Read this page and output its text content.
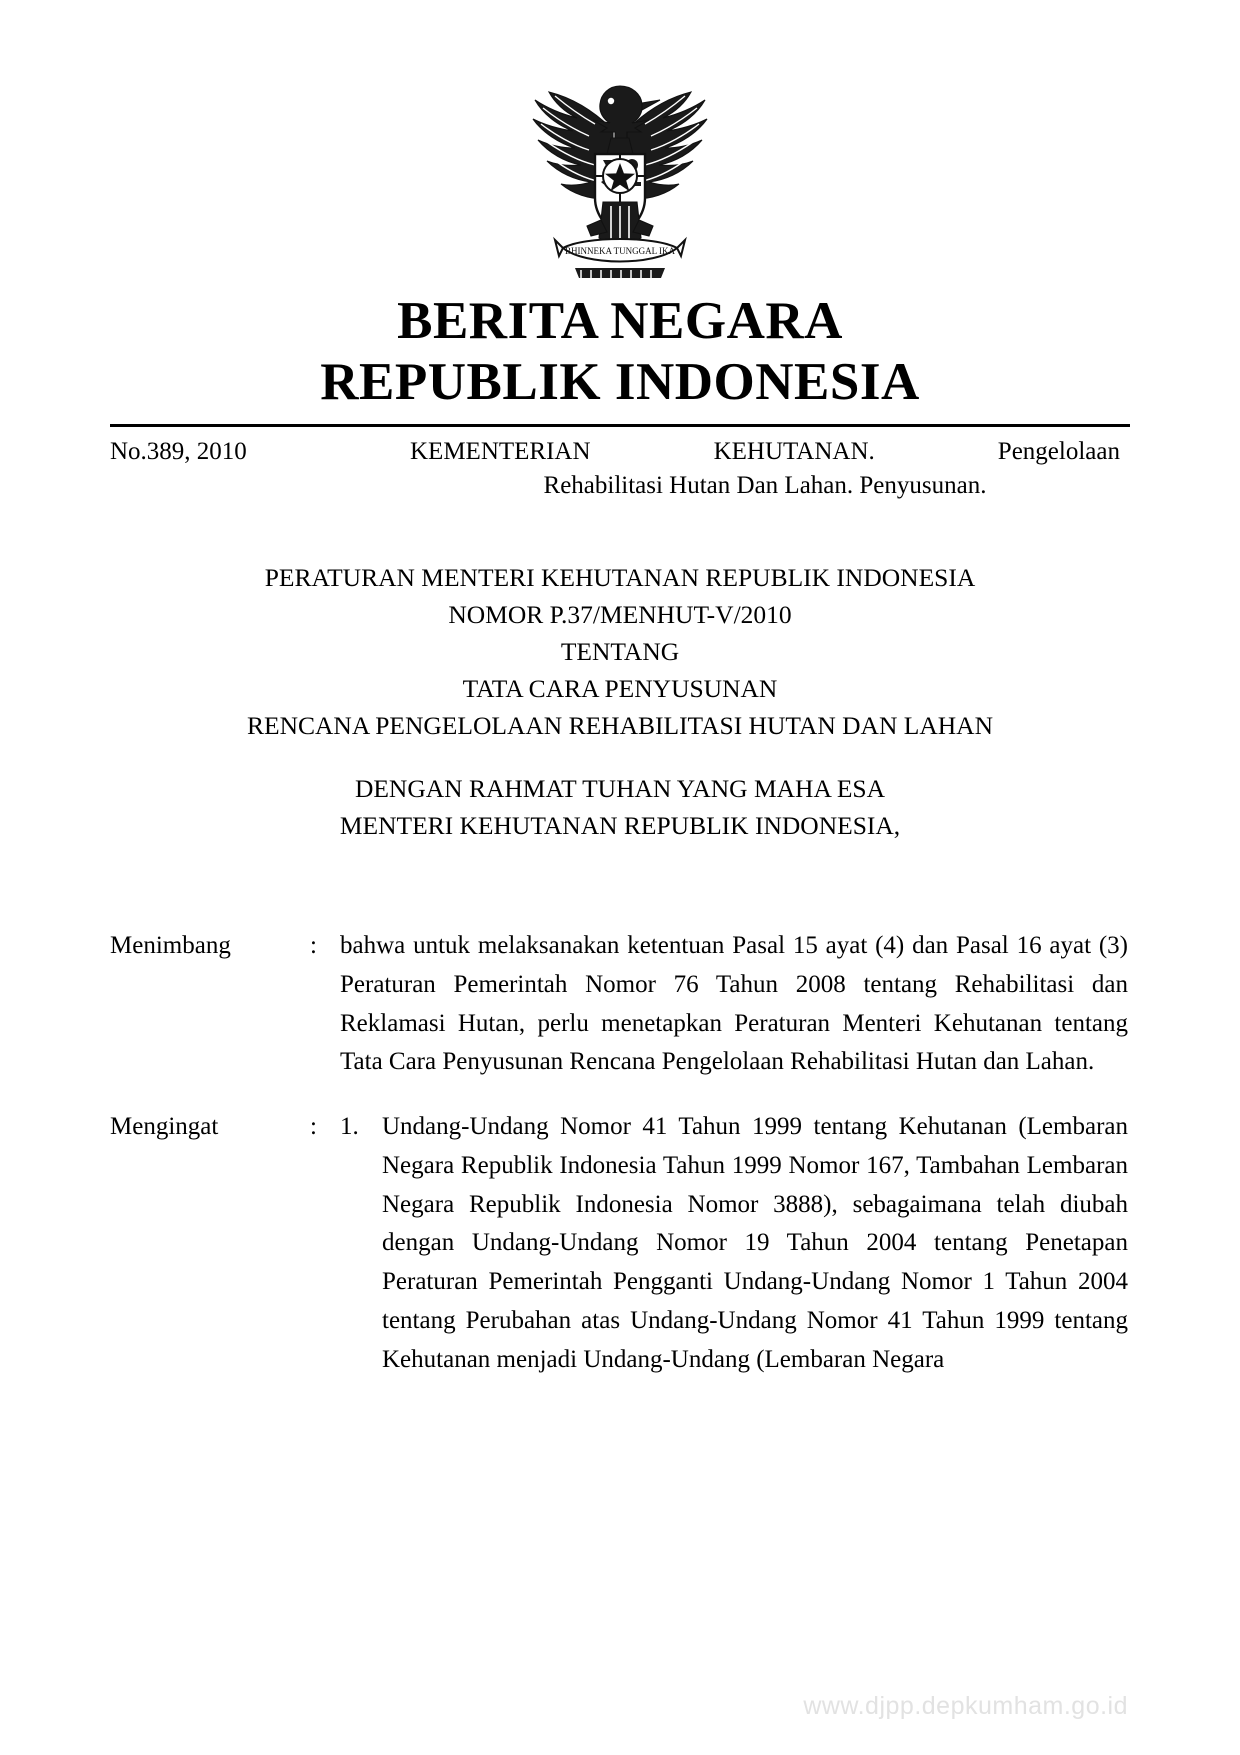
BHINNEKA TUNGGAL IKA
BERITA NEGARA
REPUBLIK INDONESIA
No.389, 2010	KEMENTERIAN KEHUTANAN. Pengelolaan
Rehabilitasi Hutan Dan Lahan. Penyusunan.
PERATURAN MENTERI KEHUTANAN REPUBLIK INDONESIA
NOMOR P.37/MENHUT-V/2010
TENTANG
TATA CARA PENYUSUNAN
RENCANA PENGELOLAAN REHABILITASI HUTAN DAN LAHAN
DENGAN RAHMAT TUHAN YANG MAHA ESA
MENTERI KEHUTANAN REPUBLIK INDONESIA,
Menimbang	: bahwa untuk melaksanakan ketentuan Pasal 15 ayat (4) dan Pasal 16 ayat (3) Peraturan Pemerintah Nomor 76 Tahun 2008 tentang Rehabilitasi dan Reklamasi Hutan, perlu menetapkan Peraturan Menteri Kehutanan tentang Tata Cara Penyusunan Rencana Pengelolaan Rehabilitasi Hutan dan Lahan.
Mengingat	: 1. Undang-Undang Nomor 41 Tahun 1999 tentang Kehutanan (Lembaran Negara Republik Indonesia Tahun 1999 Nomor 167, Tambahan Lembaran Negara Republik Indonesia Nomor 3888), sebagaimana telah diubah dengan Undang-Undang Nomor 19 Tahun 2004 tentang Penetapan Peraturan Pemerintah Pengganti Undang-Undang Nomor 1 Tahun 2004 tentang Perubahan atas Undang-Undang Nomor 41 Tahun 1999 tentang Kehutanan menjadi Undang-Undang (Lembaran Negara
www.djpp.depkumham.go.id
